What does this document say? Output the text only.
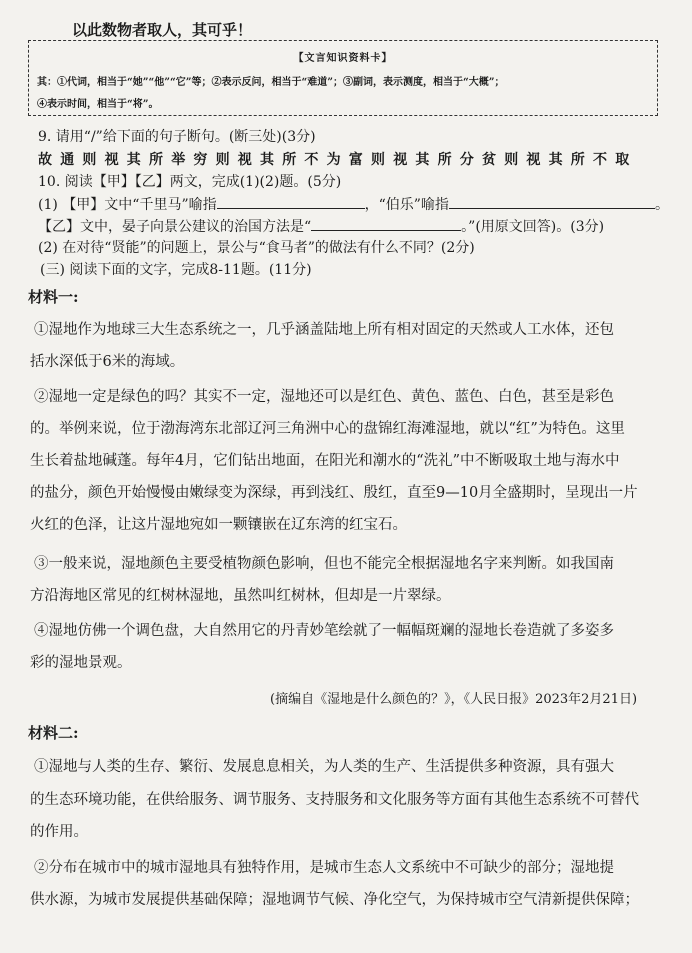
以此数物者取人，其可乎！
【文言知识资料卡】
其：①代词，相当于“她”“他”“它”等；②表示反问，相当于“难道”；③副词，表示测度，相当于“大概”；
④表示时间，相当于“将”。
9. 请用“/”给下面的句子断句。(断三处)(3分)
故通则视其所举穷则视其所不为富则视其所分贫则视其所不取
10. 阅读【甲】【乙】两文，完成(1)(2)题。(5分)
(1) 【甲】文中“千里马”喻指	，“伯乐”喻指	。
【乙】文中，晏子向景公建议的治国方法是“	。”(用原文回答)。(3分)
(2) 在对待“贤能”的问题上，景公与“食马者”的做法有什么不同？(2分)
(三) 阅读下面的文字，完成8-11题。(11分)
材料一:
①湿地作为地球三大生态系统之一，几乎涵盖陆地上所有相对固定的天然或人工水体，还包
括水深低于6米的海域。
②湿地一定是绿色的吗？其实不一定，湿地还可以是红色、黄色、蓝色、白色，甚至是彩色
的。举例来说，位于渤海湾东北部辽河三角洲中心的盘锦红海滩湿地，就以“红”为特色。这里
生长着盐地碱蓬。每年4月，它们钻出地面，在阳光和潮水的“洗礼”中不断吸取土地与海水中
的盐分，颜色开始慢慢由嫩绿变为深绿，再到浅红、殷红，直至9—10月全盛期时，呈现出一片
火红的色泽，让这片湿地宛如一颗镶嵌在辽东湾的红宝石。
③一般来说，湿地颜色主要受植物颜色影响，但也不能完全根据湿地名字来判断。如我国南
方沿海地区常见的红树林湿地，虽然叫红树林，但却是一片翠绿。
④湿地仿佛一个调色盘，大自然用它的丹青妙笔绘就了一幅幅斑斓的湿地长卷造就了多姿多
彩的湿地景观。
(摘编自《湿地是什么颜色的？》，《人民日报》2023年2月21日)
材料二:
①湿地与人类的生存、繁衍、发展息息相关，为人类的生产、生活提供多种资源，具有强大
的生态环境功能，在供给服务、调节服务、支持服务和文化服务等方面有其他生态系统不可替代
的作用。
②分布在城市中的城市湿地具有独特作用，是城市生态人文系统中不可缺少的部分；湿地提
供水源，为城市发展提供基础保障；湿地调节气候、净化空气，为保持城市空气清新提供保障；
